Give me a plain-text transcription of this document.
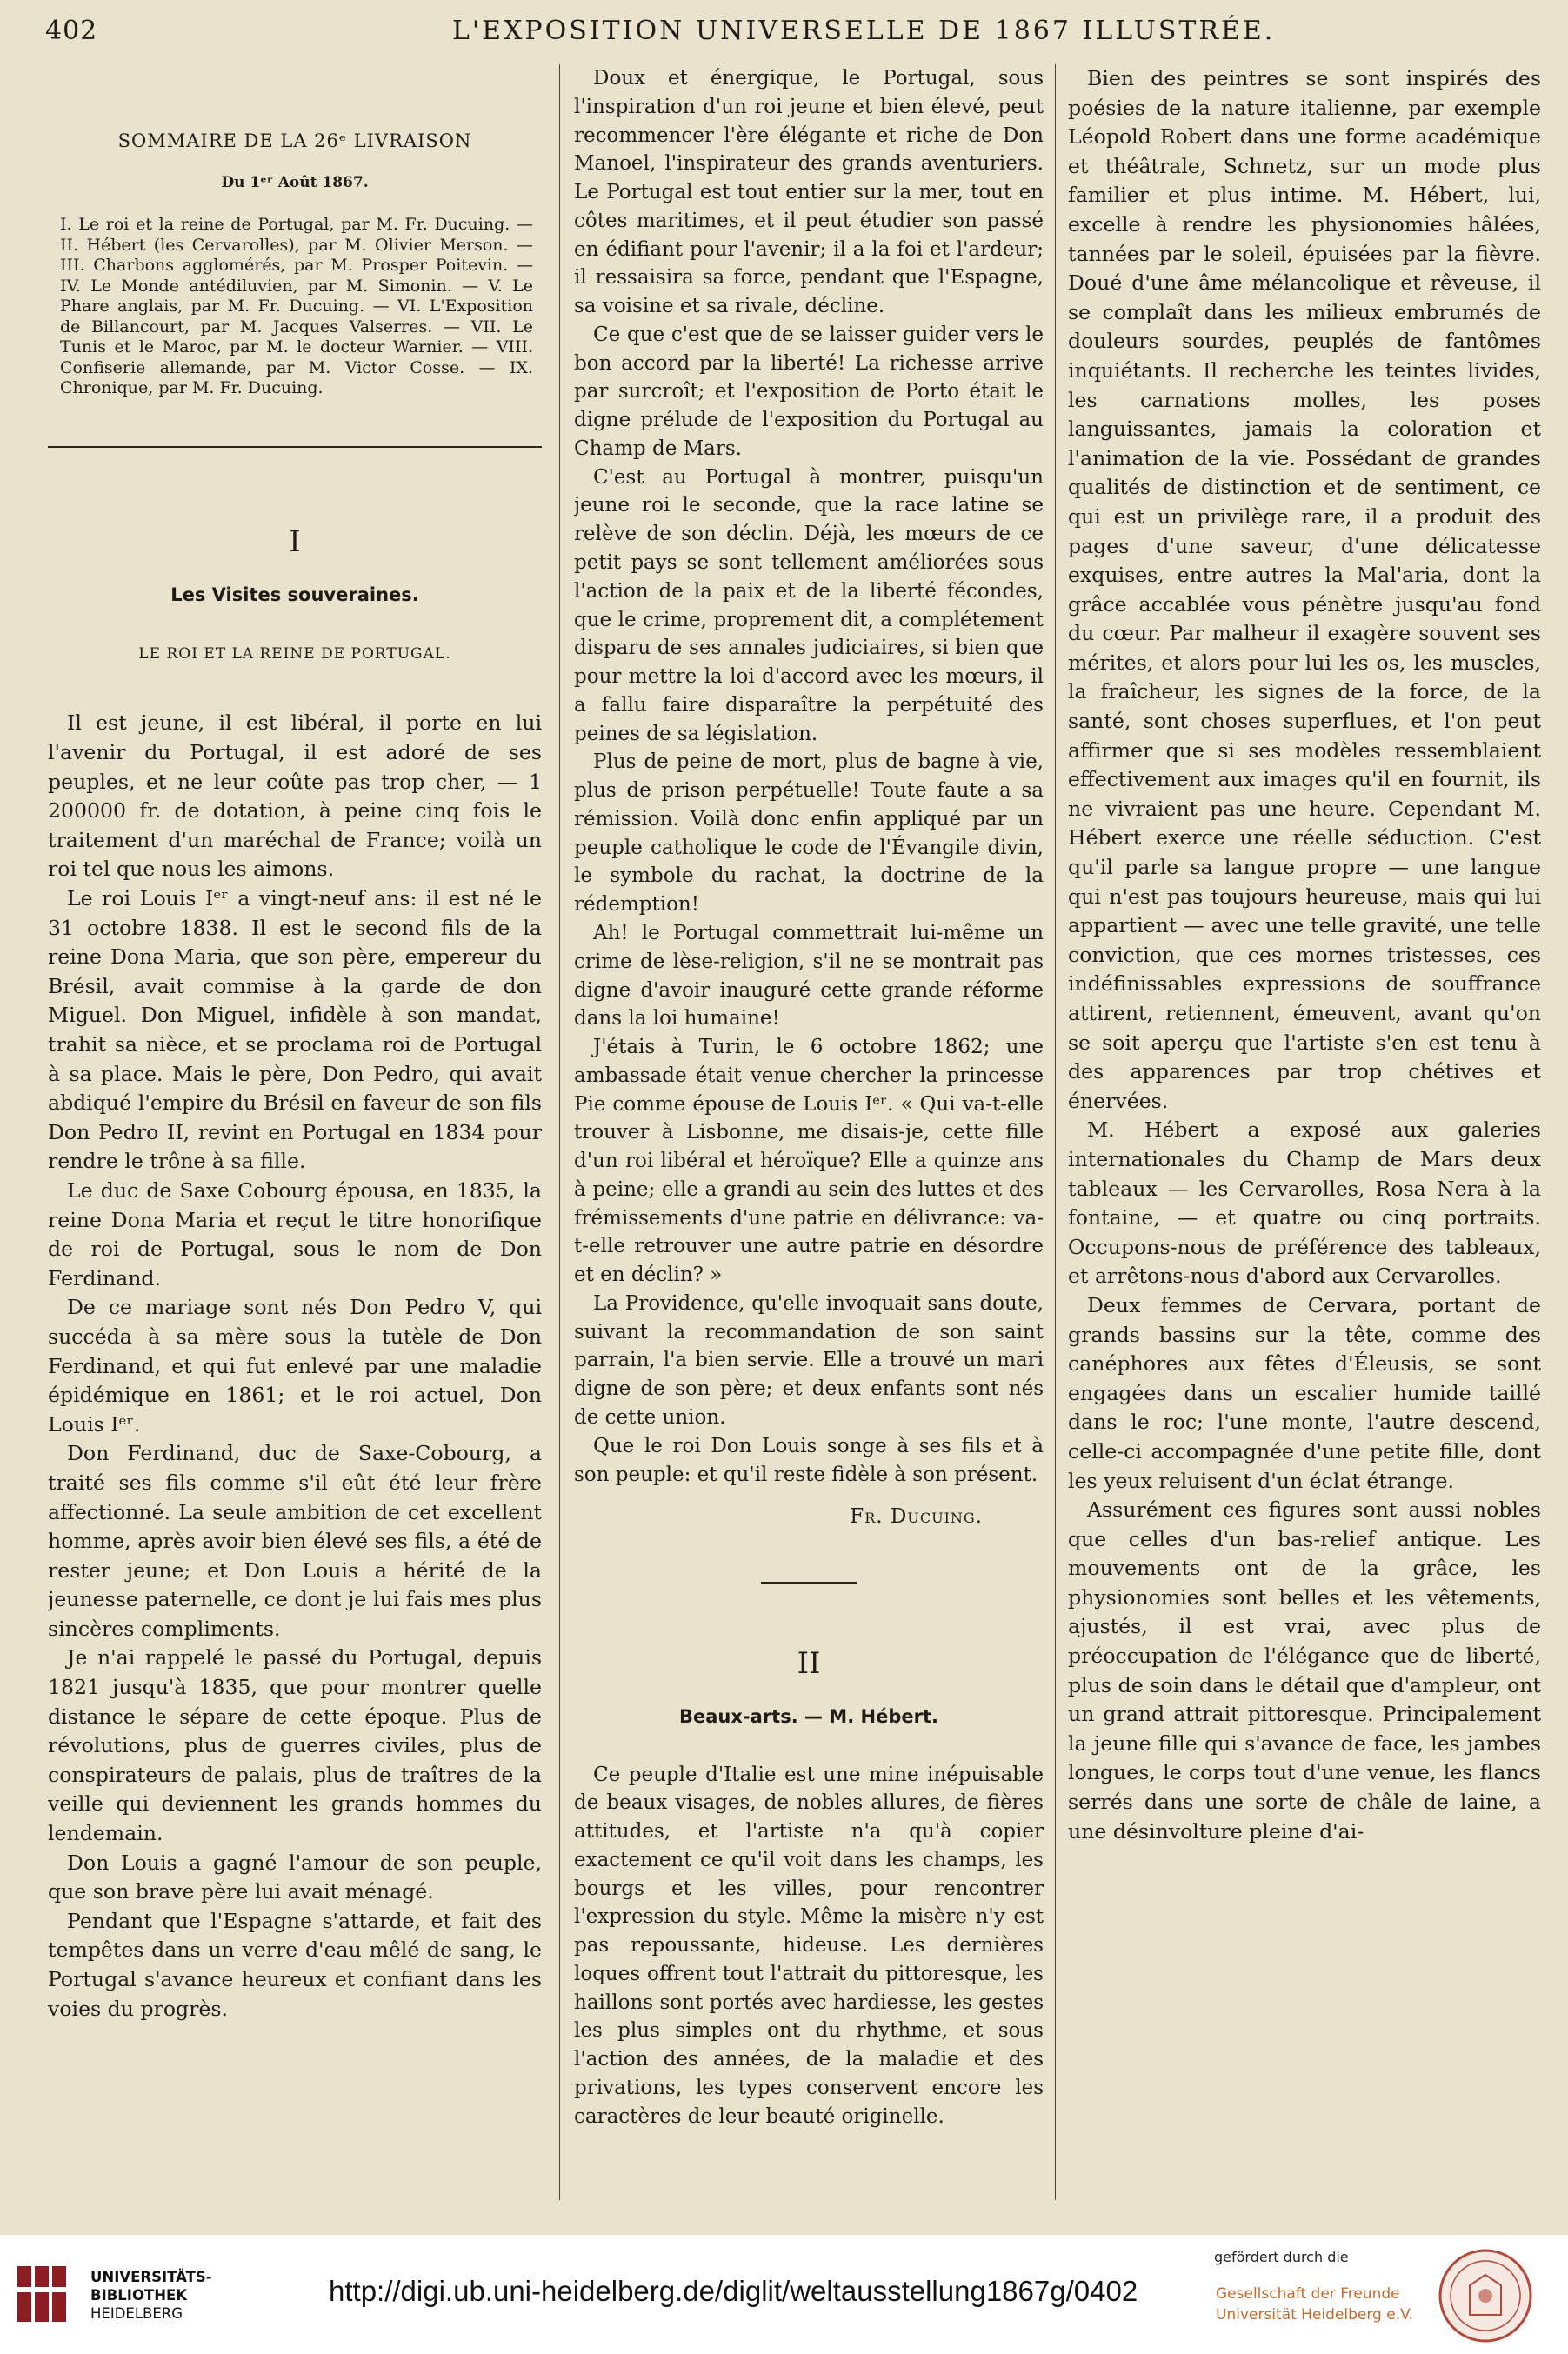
402	L'EXPOSITION UNIVERSELLE DE 1867 ILLUSTRÉE.
SOMMAIRE DE LA 26ᵉ LIVRAISON
Du 1ᵉʳ Août 1867.
I. Le roi et la reine de Portugal, par M. Fr. Ducuing. — II. Hébert (les Cervarolles), par M. Olivier Merson. — III. Charbons agglomérés, par M. Prosper Poitevin. — IV. Le Monde antédiluvien, par M. Simonin. — V. Le Phare anglais, par M. Fr. Ducuing. — VI. L'Exposition de Billancourt, par M. Jacques Valserres. — VII. Le Tunis et le Maroc, par M. le docteur Warnier. — VIII. Confiserie allemande, par M. Victor Cosse. — IX. Chronique, par M. Fr. Ducuing.
I
Les Visites souveraines.
LE ROI ET LA REINE DE PORTUGAL.

Il est jeune, il est libéral, il porte en lui l'avenir du Portugal, il est adoré de ses peuples, et ne leur coûte pas trop cher, — 1 200000 fr. de dotation, à peine cinq fois le traitement d'un maréchal de France; voilà un roi tel que nous les aimons.

Le roi Louis Iᵉʳ a vingt-neuf ans: il est né le 31 octobre 1838. Il est le second fils de la reine Dona Maria, que son père, empereur du Brésil, avait commise à la garde de don Miguel. Don Miguel, infidèle à son mandat, trahit sa nièce, et se proclama roi de Portugal à sa place. Mais le père, Don Pedro, qui avait abdiqué l'empire du Brésil en faveur de son fils Don Pedro II, revint en Portugal en 1834 pour rendre le trône à sa fille.

Le duc de Saxe Cobourg épousa, en 1835, la reine Dona Maria et reçut le titre honorifique de roi de Portugal, sous le nom de Don Ferdinand.

De ce mariage sont nés Don Pedro V, qui succéda à sa mère sous la tutèle de Don Ferdinand, et qui fut enlevé par une maladie épidémique en 1861; et le roi actuel, Don Louis Iᵉʳ.

Don Ferdinand, duc de Saxe-Cobourg, a traité ses fils comme s'il eût été leur frère affectionné. La seule ambition de cet excellent homme, après avoir bien élevé ses fils, a été de rester jeune; et Don Louis a hérité de la jeunesse paternelle, ce dont je lui fais mes plus sincères compliments.

Je n'ai rappelé le passé du Portugal, depuis 1821 jusqu'à 1835, que pour montrer quelle distance le sépare de cette époque. Plus de révolutions, plus de guerres civiles, plus de conspirateurs de palais, plus de traîtres de la veille qui deviennent les grands hommes du lendemain.

Don Louis a gagné l'amour de son peuple, que son brave père lui avait ménagé.

Pendant que l'Espagne s'attarde, et fait des tempêtes dans un verre d'eau mêlé de sang, le Portugal s'avance heureux et confiant dans les voies du progrès.

Doux et énergique, le Portugal, sous l'inspiration d'un roi jeune et bien élevé, peut recommencer l'ère élégante et riche de Don Manoel, l'inspirateur des grands aventuriers. Le Portugal est tout entier sur la mer, tout en côtes maritimes, et il peut étudier son passé en édifiant pour l'avenir; il a la foi et l'ardeur; il ressaisira sa force, pendant que l'Espagne, sa voisine et sa rivale, décline.

Ce que c'est que de se laisser guider vers le bon accord par la liberté! La richesse arrive par surcroît; et l'exposition de Porto était le digne prélude de l'exposition du Portugal au Champ de Mars.

C'est au Portugal à montrer, puisqu'un jeune roi le seconde, que la race latine se relève de son déclin. Déjà, les mœurs de ce petit pays se sont tellement améliorées sous l'action de la paix et de la liberté fécondes, que le crime, proprement dit, a complétement disparu de ses annales judiciaires, si bien que pour mettre la loi d'accord avec les mœurs, il a fallu faire disparaître la perpétuité des peines de sa législation.

Plus de peine de mort, plus de bagne à vie, plus de prison perpétuelle! Toute faute a sa rémission. Voilà donc enfin appliqué par un peuple catholique le code de l'Évangile divin, le symbole du rachat, la doctrine de la rédemption!

Ah! le Portugal commettrait lui-même un crime de lèse-religion, s'il ne se montrait pas digne d'avoir inauguré cette grande réforme dans la loi humaine!

J'étais à Turin, le 6 octobre 1862; une ambassade était venue chercher la princesse Pie comme épouse de Louis Iᵉʳ. « Qui va-t-elle trouver à Lisbonne, me disais-je, cette fille d'un roi libéral et héroïque? Elle a quinze ans à peine; elle a grandi au sein des luttes et des frémissements d'une patrie en délivrance: va-t-elle retrouver une autre patrie en désordre et en déclin? »

La Providence, qu'elle invoquait sans doute, suivant la recommandation de son saint parrain, l'a bien servie. Elle a trouvé un mari digne de son père; et deux enfants sont nés de cette union.

Que le roi Don Louis songe à ses fils et à son peuple: et qu'il reste fidèle à son présent.

Fr. Ducuing.
II
Beaux-arts. — M. Hébert.

Ce peuple d'Italie est une mine inépuisable de beaux visages, de nobles allures, de fières attitudes, et l'artiste n'a qu'à copier exactement ce qu'il voit dans les champs, les bourgs et les villes, pour rencontrer l'expression du style. Même la misère n'y est pas repoussante, hideuse. Les dernières loques offrent tout l'attrait du pittoresque, les haillons sont portés avec hardiesse, les gestes les plus simples ont du rhythme, et sous l'action des années, de la maladie et des privations, les types conservent encore les caractères de leur beauté originelle.

Bien des peintres se sont inspirés des poésies de la nature italienne, par exemple Léopold Robert dans une forme académique et théâtrale, Schnetz, sur un mode plus familier et plus intime. M. Hébert, lui, excelle à rendre les physionomies hâlées, tannées par le soleil, épuisées par la fièvre. Doué d'une âme mélancolique et rêveuse, il se complaît dans les milieux embrumés de douleurs sourdes, peuplés de fantômes inquiétants. Il recherche les teintes livides, les carnations molles, les poses languissantes, jamais la coloration et l'animation de la vie. Possédant de grandes qualités de distinction et de sentiment, ce qui est un privilège rare, il a produit des pages d'une saveur, d'une délicatesse exquises, entre autres la Mal'aria, dont la grâce accablée vous pénètre jusqu'au fond du cœur. Par malheur il exagère souvent ses mérites, et alors pour lui les os, les muscles, la fraîcheur, les signes de la force, de la santé, sont choses superflues, et l'on peut affirmer que si ses modèles ressemblaient effectivement aux images qu'il en fournit, ils ne vivraient pas une heure. Cependant M. Hébert exerce une réelle séduction. C'est qu'il parle sa langue propre — une langue qui n'est pas toujours heureuse, mais qui lui appartient — avec une telle gravité, une telle conviction, que ces mornes tristesses, ces indéfinissables expressions de souffrance attirent, retiennent, émeuvent, avant qu'on se soit aperçu que l'artiste s'en est tenu à des apparences par trop chétives et énervées.

M. Hébert a exposé aux galeries internationales du Champ de Mars deux tableaux — les Cervarolles, Rosa Nera à la fontaine, — et quatre ou cinq portraits. Occupons-nous de préférence des tableaux, et arrêtons-nous d'abord aux Cervarolles.

Deux femmes de Cervara, portant de grands bassins sur la tête, comme des canéphores aux fêtes d'Éleusis, se sont engagées dans un escalier humide taillé dans le roc; l'une monte, l'autre descend, celle-ci accompagnée d'une petite fille, dont les yeux reluisent d'un éclat étrange.

Assurément ces figures sont aussi nobles que celles d'un bas-relief antique. Les mouvements ont de la grâce, les physionomies sont belles et les vêtements, ajustés, il est vrai, avec plus de préoccupation de l'élégance que de liberté, plus de soin dans le détail que d'ampleur, ont un grand attrait pittoresque. Principalement la jeune fille qui s'avance de face, les jambes longues, le corps tout d'une venue, les flancs serrés dans une sorte de châle de laine, a une désinvolture pleine d'ai-

UNIVERSITÄTS-
BIBLIOTHEK
HEIDELBERG
http://digi.ub.uni-heidelberg.de/diglit/weltausstellung1867g/0402
gefördert durch die
Gesellschaft der Freunde
Universität Heidelberg e.V.
